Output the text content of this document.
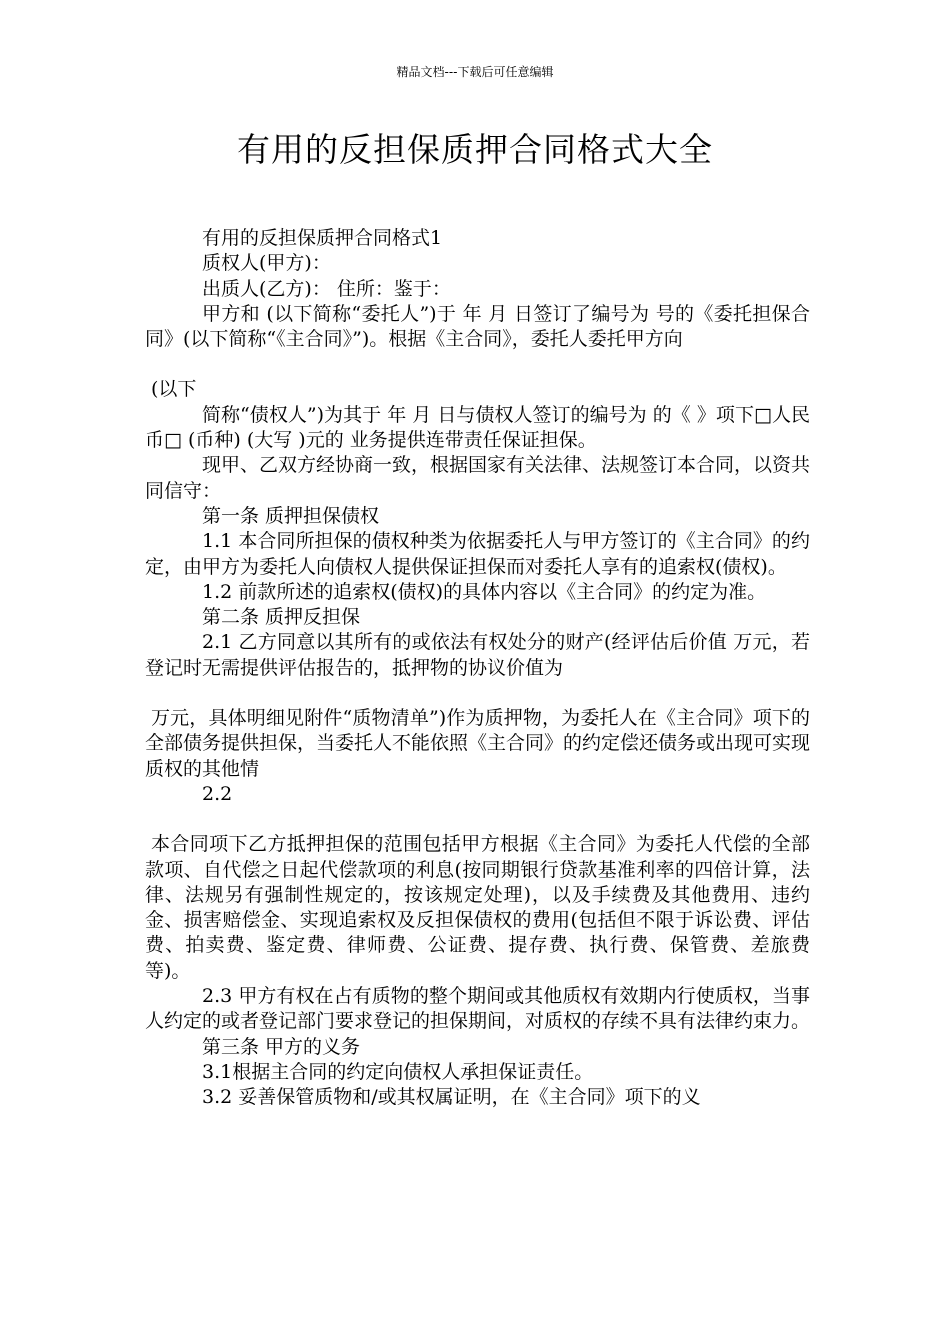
精品文档---下载后可任意编辑
有用的反担保质押合同格式大全

有用的反担保质押合同格式1

质权人(甲方)：

出质人(乙方)： 住所：鉴于：

甲方和 (以下简称“委托人”)于 年 月 日签订了编号为 号的《委托担保合同》(以下简称“《主合同》”)。根据《主合同》，委托人委托甲方向

(以下

简称“债权人”)为其于 年 月 日与债权人签订的编号为 的《 》项下□人民币□ (币种) (大写 )元的 业务提供连带责任保证担保。

现甲、乙双方经协商一致，根据国家有关法律、法规签订本合同，以资共同信守：

第一条 质押担保债权

1.1 本合同所担保的债权种类为依据委托人与甲方签订的《主合同》的约定，由甲方为委托人向债权人提供保证担保而对委托人享有的追索权(债权)。

1.2 前款所述的追索权(债权)的具体内容以《主合同》的约定为准。

第二条 质押反担保

2.1 乙方同意以其所有的或依法有权处分的财产(经评估后价值 万元，若登记时无需提供评估报告的，抵押物的协议价值为

万元，具体明细见附件“质物清单”)作为质押物，为委托人在《主合同》项下的全部债务提供担保，当委托人不能依照《主合同》的约定偿还债务或出现可实现质权的其他情

2.2

本合同项下乙方抵押担保的范围包括甲方根据《主合同》为委托人代偿的全部款项、自代偿之日起代偿款项的利息(按同期银行贷款基准利率的四倍计算，法律、法规另有强制性规定的，按该规定处理)，以及手续费及其他费用、违约金、损害赔偿金、实现追索权及反担保债权的费用(包括但不限于诉讼费、评估费、拍卖费、鉴定费、律师费、公证费、提存费、执行费、保管费、差旅费等)。

2.3 甲方有权在占有质物的整个期间或其他质权有效期内行使质权，当事人约定的或者登记部门要求登记的担保期间，对质权的存续不具有法律约束力。

第三条 甲方的义务

3.1根据主合同的约定向债权人承担保证责任。

3.2 妥善保管质物和/或其权属证明，在《主合同》项下的义
